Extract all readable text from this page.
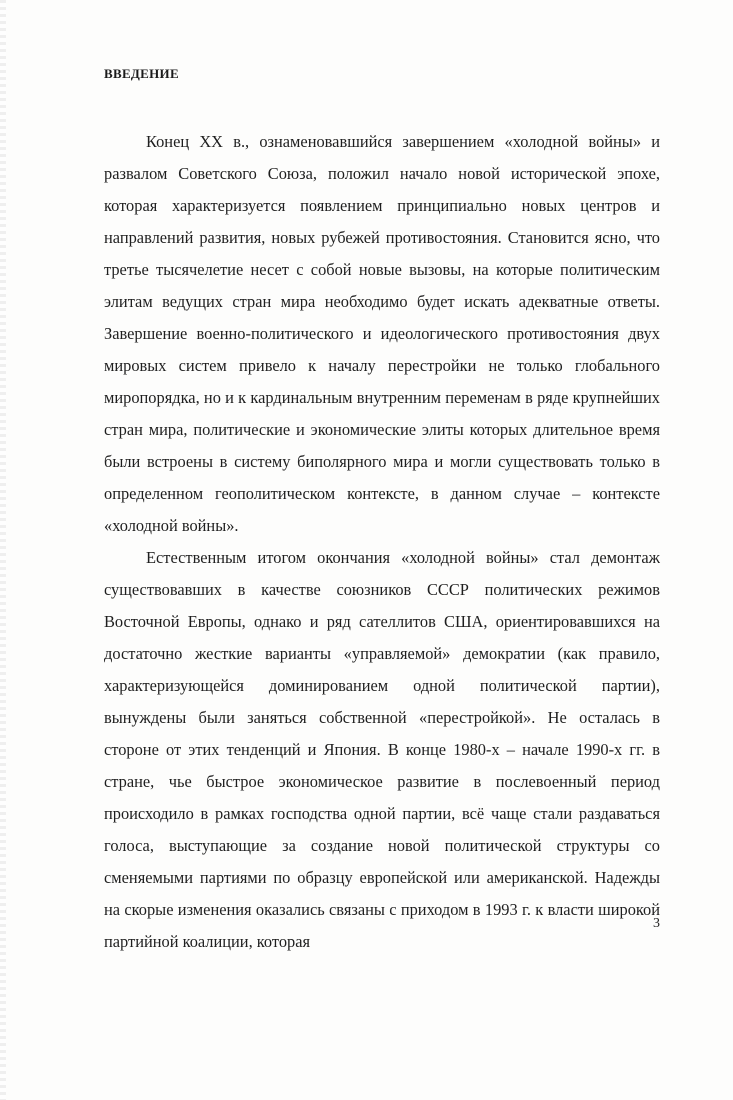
ВВЕДЕНИЕ

Конец XX в., ознаменовавшийся завершением «холодной войны» и развалом Советского Союза, положил начало новой исторической эпохе, которая характеризуется появлением принципиально новых центров и направлений развития, новых рубежей противостояния. Становится ясно, что третье тысячелетие несет с собой новые вызовы, на которые политическим элитам ведущих стран мира необходимо будет искать адекватные ответы. Завершение военно-политического и идеологического противостояния двух мировых систем привело к началу перестройки не только глобального миропорядка, но и к кардинальным внутренним переменам в ряде крупнейших стран мира, политические и экономические элиты которых длительное время были встроены в систему биполярного мира и могли существовать только в определенном геополитическом контексте, в данном случае – контексте «холодной войны».

Естественным итогом окончания «холодной войны» стал демонтаж существовавших в качестве союзников СССР политических режимов Восточной Европы, однако и ряд сателлитов США, ориентировавшихся на достаточно жесткие варианты «управляемой» демократии (как правило, характеризующейся доминированием одной политической партии), вынуждены были заняться собственной «перестройкой». Не осталась в стороне от этих тенденций и Япония. В конце 1980-х – начале 1990-х гг. в стране, чье быстрое экономическое развитие в послевоенный период происходило в рамках господства одной партии, всё чаще стали раздаваться голоса, выступающие за создание новой политической структуры со сменяемыми партиями по образцу европейской или американской. Надежды на скорые изменения оказались связаны с приходом в 1993 г. к власти широкой партийной коалиции, которая

3
